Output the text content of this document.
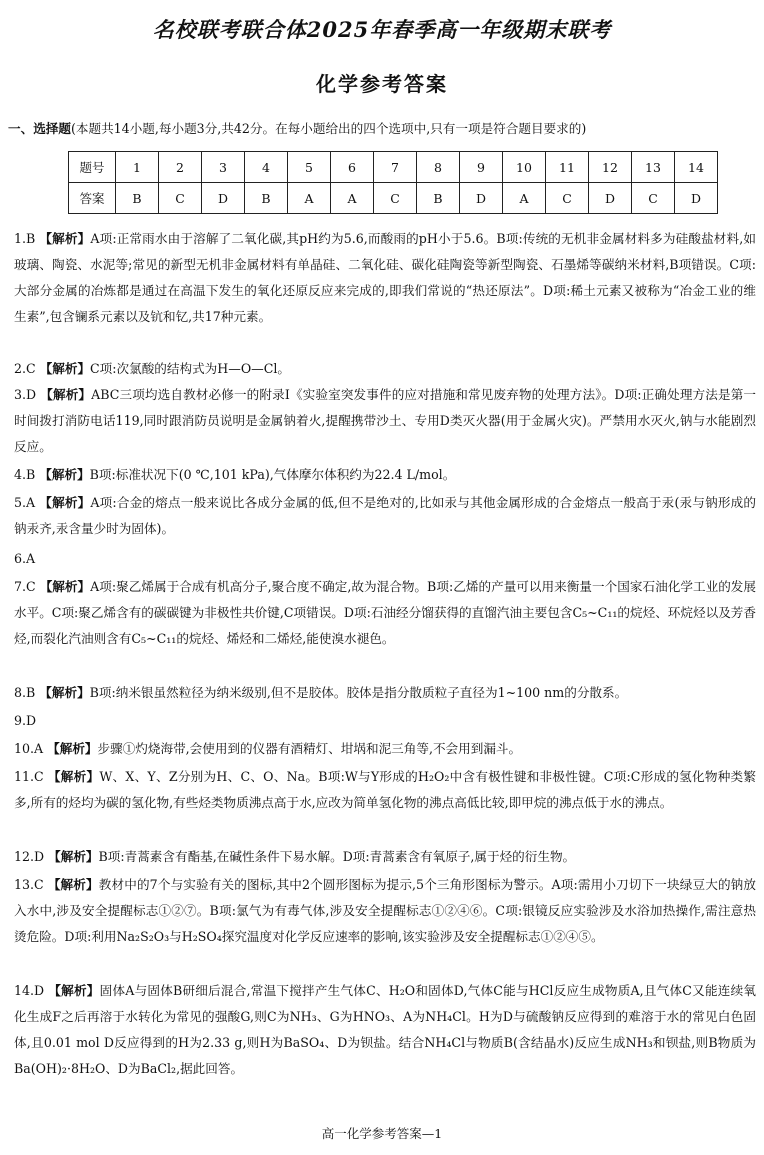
名校联考联合体2025年春季高一年级期末联考
化学参考答案
一、选择题(本题共14小题,每小题3分,共42分。在每小题给出的四个选项中,只有一项是符合题目要求的)
题号	1	2	3	4	5	6	7	8	9	10	11	12	13	14
答案	B	C	D	B	A	A	C	B	D	A	C	D	C	D
1.B 【解析】A项:正常雨水由于溶解了二氧化碳,其pH约为5.6,而酸雨的pH小于5.6。B项:传统的无机非金属材料多为硅酸盐材料,如玻璃、陶瓷、水泥等;常见的新型无机非金属材料有单晶硅、二氧化硅、碳化硅陶瓷等新型陶瓷、石墨烯等碳纳米材料,B项错误。C项:大部分金属的冶炼都是通过在高温下发生的氧化还原反应来完成的,即我们常说的“热还原法”。D项:稀土元素又被称为“冶金工业的维生素”,包含镧系元素以及钪和钇,共17种元素。
2.C 【解析】C项:次氯酸的结构式为H—O—Cl。
3.D 【解析】ABC三项均选自教材必修一的附录Ⅰ《实验室突发事件的应对措施和常见废弃物的处理方法》。D项:正确处理方法是第一时间拨打消防电话119,同时跟消防员说明是金属钠着火,提醒携带沙土、专用D类灭火器(用于金属火灾)。严禁用水灭火,钠与水能剧烈反应。
4.B 【解析】B项:标准状况下(0 ℃,101 kPa),气体摩尔体积约为22.4 L/mol。
5.A 【解析】A项:合金的熔点一般来说比各成分金属的低,但不是绝对的,比如汞与其他金属形成的合金熔点一般高于汞(汞与钠形成的钠汞齐,汞含量少时为固体)。
6.A
7.C 【解析】A项:聚乙烯属于合成有机高分子,聚合度不确定,故为混合物。B项:乙烯的产量可以用来衡量一个国家石油化学工业的发展水平。C项:聚乙烯含有的碳碳键为非极性共价键,C项错误。D项:石油经分馏获得的直馏汽油主要包含C₅~C₁₁的烷烃、环烷烃以及芳香烃,而裂化汽油则含有C₅~C₁₁的烷烃、烯烃和二烯烃,能使溴水褪色。
8.B 【解析】B项:纳米银虽然粒径为纳米级别,但不是胶体。胶体是指分散质粒子直径为1~100 nm的分散系。
9.D
10.A 【解析】步骤①灼烧海带,会使用到的仪器有酒精灯、坩埚和泥三角等,不会用到漏斗。
11.C 【解析】W、X、Y、Z分别为H、C、O、Na。B项:W与Y形成的H₂O₂中含有极性键和非极性键。C项:C形成的氢化物种类繁多,所有的烃均为碳的氢化物,有些烃类物质沸点高于水,应改为简单氢化物的沸点高低比较,即甲烷的沸点低于水的沸点。
12.D 【解析】B项:青蒿素含有酯基,在碱性条件下易水解。D项:青蒿素含有氧原子,属于烃的衍生物。
13.C 【解析】教材中的7个与实验有关的图标,其中2个圆形图标为提示,5个三角形图标为警示。A项:需用小刀切下一块绿豆大的钠放入水中,涉及安全提醒标志①②⑦。B项:氯气为有毒气体,涉及安全提醒标志①②④⑥。C项:银镜反应实验涉及水浴加热操作,需注意热烫危险。D项:利用Na₂S₂O₃与H₂SO₄探究温度对化学反应速率的影响,该实验涉及安全提醒标志①②④⑤。
14.D 【解析】固体A与固体B研细后混合,常温下搅拌产生气体C、H₂O和固体D,气体C能与HCl反应生成物质A,且气体C又能连续氧化生成F之后再溶于水转化为常见的强酸G,则C为NH₃、G为HNO₃、A为NH₄Cl。H为D与硫酸钠反应得到的难溶于水的常见白色固体,且0.01 mol D反应得到的H为2.33 g,则H为BaSO₄、D为钡盐。结合NH₄Cl与物质B(含结晶水)反应生成NH₃和钡盐,则B物质为Ba(OH)₂·8H₂O、D为BaCl₂,据此回答。
高一化学参考答案—1
